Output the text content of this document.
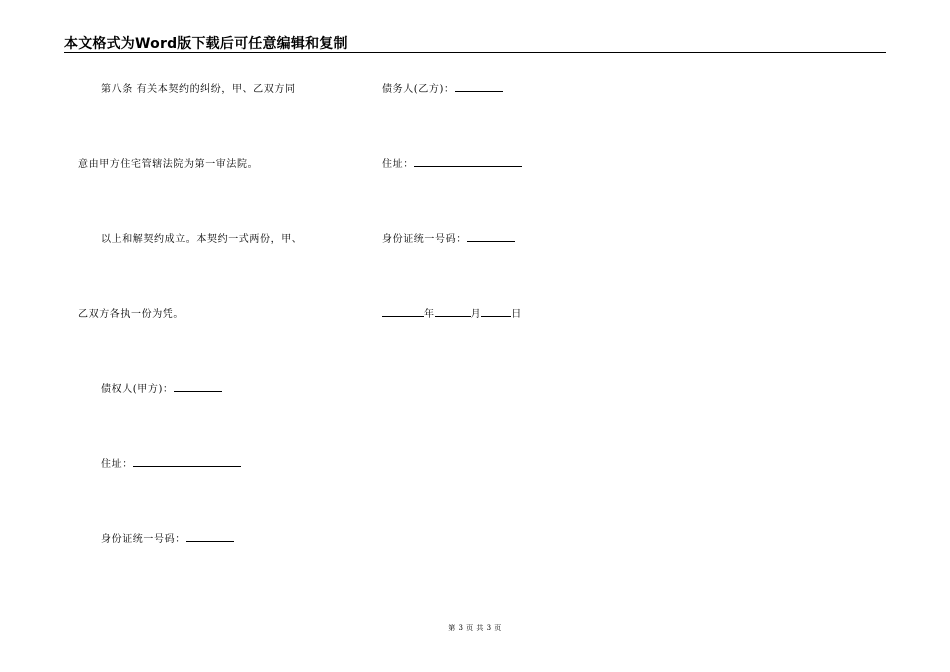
本文格式为Word版下载后可任意编辑和复制
第八条 有关本契约的纠纷，甲、乙双方同
意由甲方住宅管辖法院为第一审法院。
以上和解契约成立。本契约一式两份，甲、
乙双方各执一份为凭。
债权人(甲方)：
住址：
身份证统一号码：
债务人(乙方)：
住址：
身份证统一号码：
年	月	日
第 3 页 共 3 页
